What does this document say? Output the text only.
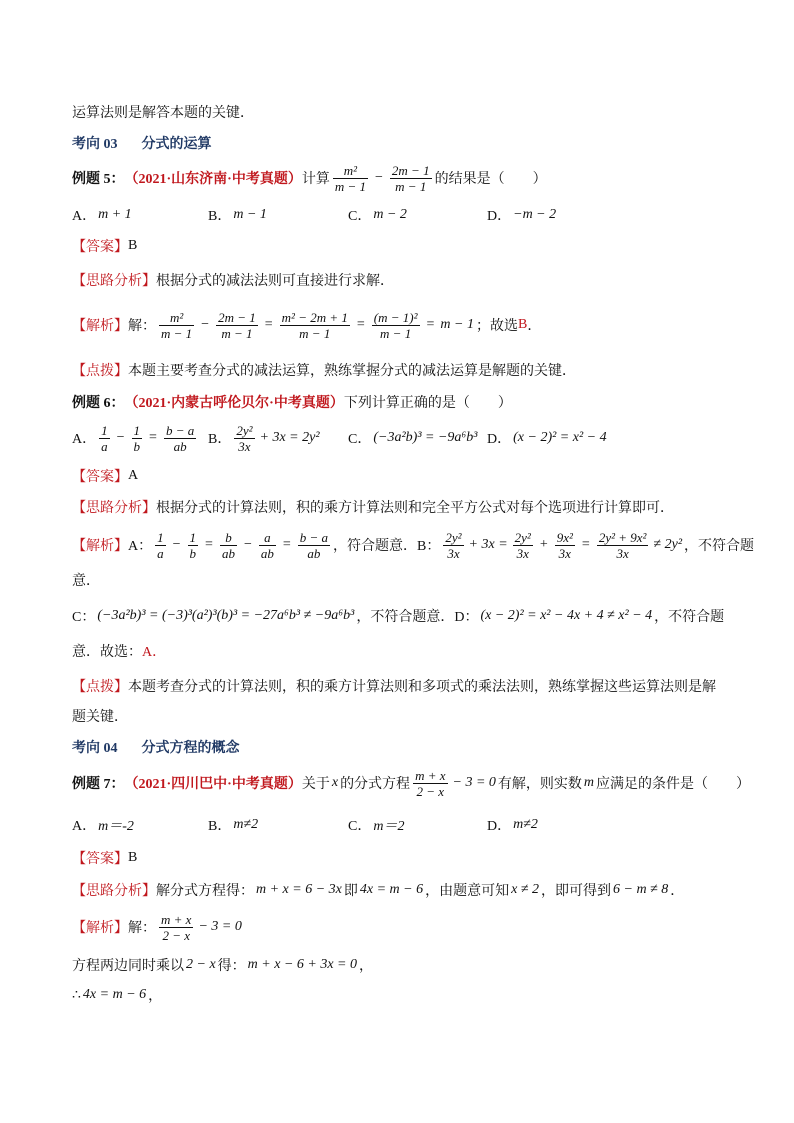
运算法则是解答本题的关键．
考向 03 分式的运算
例题 5： （2021·山东济南·中考真题） 计算 $\frac{\text{m²}}{m - 1} - \frac{2m - 1}{m - 1}$ 的结果是（　　）
A． m + 1	B． m − 1	C． m − 2	D． −m − 2
【答案】 B
【思路分析】 根据分式的减法法则可直接进行求解．
【解析】 解： $\frac{\text{m²}}{m - 1} - \frac{2m - 1}{m - 1} = \frac{\text{m² − 2m + 1}}{m - 1} = \frac{\text{(m − 1)²}}{m - 1} = m - 1$ ；故选 B ．
【点拨】 本题主要考查分式的减法运算，熟练掌握分式的减法运算是解题的关键．
例题 6： （2021·内蒙古呼伦贝尔·中考真题） 下列计算正确的是（　　）
A． $\frac{1}{a} - \frac{1}{b} = \frac{b - a}{ab}$ B． $\frac{\text{2y²}}{3x} + 3x = 2y^2$ C． (−3a²b)³ = −9a⁶b³ D． (x − 2)² = x² − 4
【答案】 A
【思路分析】 根据分式的计算法则，积的乘方计算法则和完全平方公式对每个选项进行计算即可．
【解析】 A： $\frac{1}{a} - \frac{1}{b} = \frac{b}{ab} - \frac{a}{ab} = \frac{b - a}{ab}$ ，符合题意． B： $\frac{\text{2y²}}{3x} + 3x = \frac{\text{2y²}}{3x} + \frac{\text{9x²}}{3x} = \frac{\text{2y² + 9x²}}{3x} \ne 2y^2$ ，不符合题
意．
C： (−3a²b)³ = (−3)³(a²)³(b)³ = −27a⁶b³ ≠ −9a⁶b³ ，不符合题意． D： (x − 2)² = x² − 4x + 4 ≠ x² − 4 ，不符合题
意．故选： A．
【点拨】 本题考查分式的计算法则，积的乘方计算法则和多项式的乘法法则，熟练掌握这些运算法则是解
题关键．
考向 04 分式方程的概念
例题 7： （2021·四川巴中·中考真题） 关于 x 的分式方程 $\frac{m + x}{2 - x} - 3 = 0$ 有解，则实数 m 应满足的条件是（　　）
A． m＝-2	B． m≠2	C． m＝2	D． m≠2
【答案】 B
【思路分析】 解分式方程得： m + x = 6 − 3x 即 4x = m − 6 ，由题意可知 x ≠ 2 ，即可得到 6 − m ≠ 8 ．
【解析】 解： $\frac{m + x}{2 - x} - 3 = 0$
方程两边同时乘以 2 − x 得： m + x − 6 + 3x = 0 ，
∴ 4x = m − 6 ，
